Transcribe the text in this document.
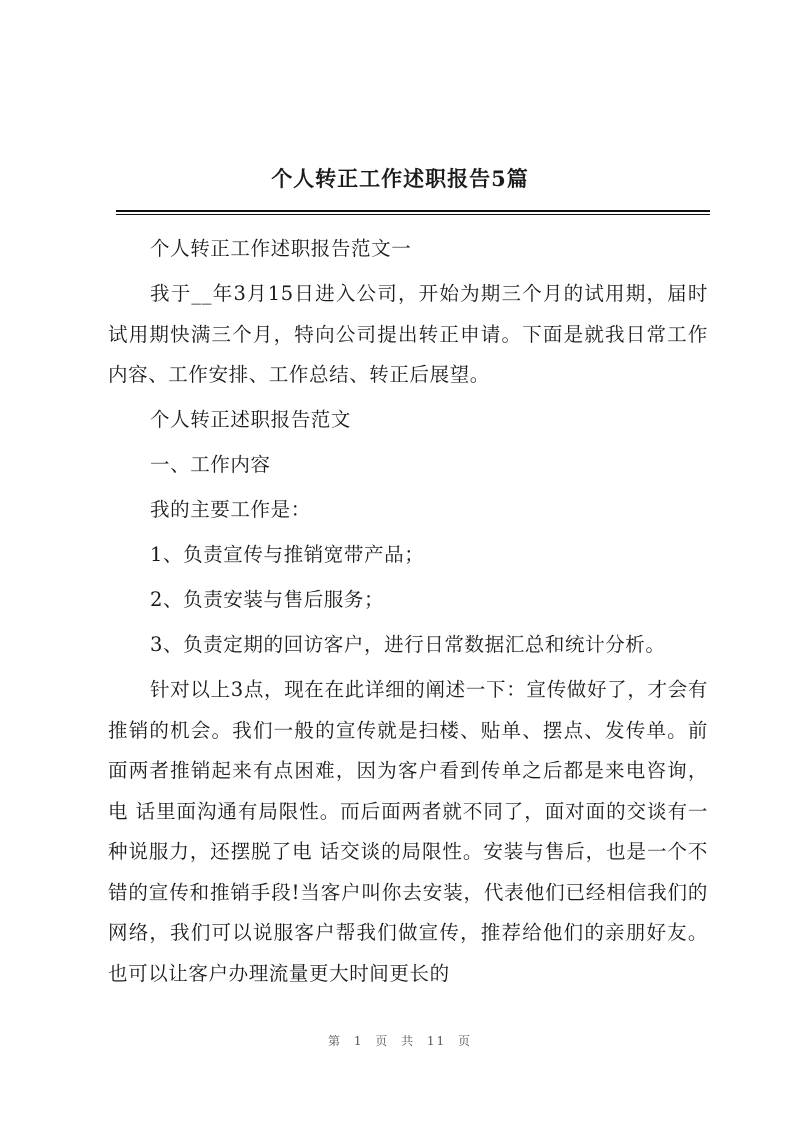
个人转正工作述职报告5篇

个人转正工作述职报告范文一

我于__年3月15日进入公司，开始为期三个月的试用期，届时试用期快满三个月，特向公司提出转正申请。下面是就我日常工作内容、工作安排、工作总结、转正后展望。

个人转正述职报告范文

一、工作内容

我的主要工作是：

1、负责宣传与推销宽带产品；

2、负责安装与售后服务；

3、负责定期的回访客户，进行日常数据汇总和统计分析。

针对以上3点，现在在此详细的阐述一下：宣传做好了，才会有推销的机会。我们一般的宣传就是扫楼、贴单、摆点、发传单。前面两者推销起来有点困难，因为客户看到传单之后都是来电咨询，电 话里面沟通有局限性。而后面两者就不同了，面对面的交谈有一种说服力，还摆脱了电 话交谈的局限性。安装与售后，也是一个不错的宣传和推销手段!当客户叫你去安装，代表他们已经相信我们的网络，我们可以说服客户帮我们做宣传，推荐给他们的亲朋好友。也可以让客户办理流量更大时间更长的

第 1 页 共 11 页
